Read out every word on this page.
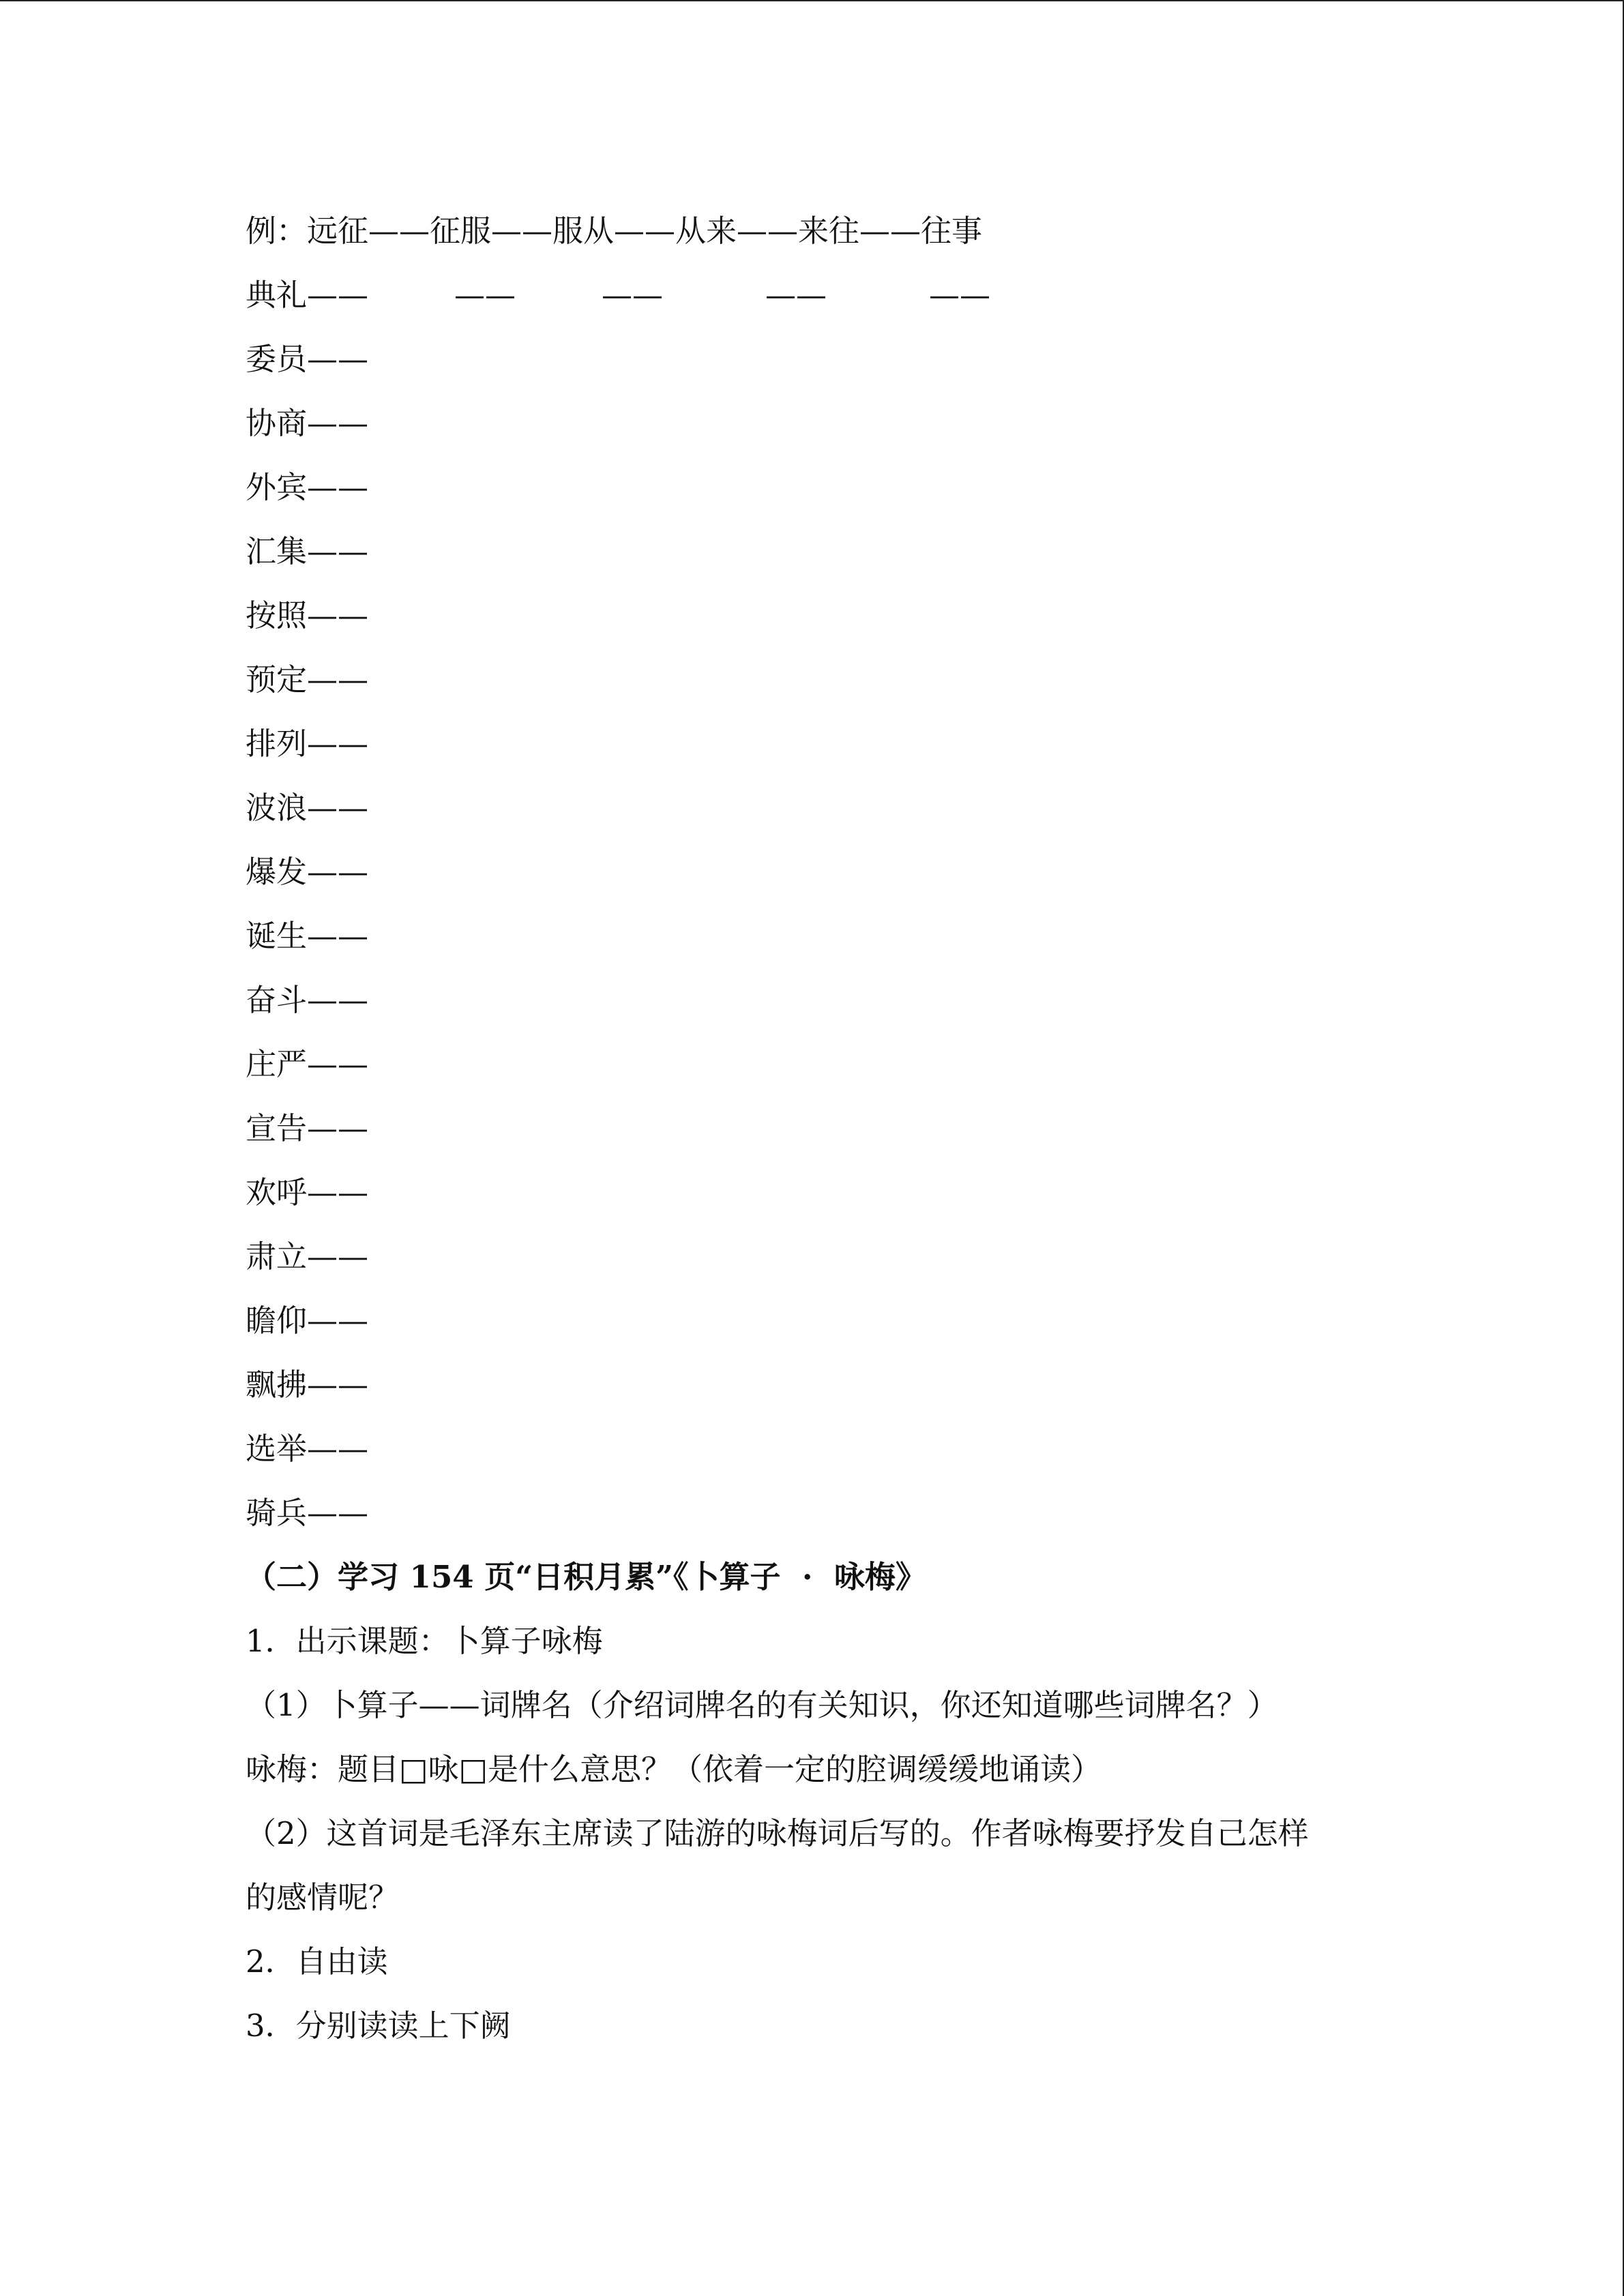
例：远征——征服——服从——从来——来往——往事
典礼——	——	——	——	——
委员——
协商——
外宾——
汇集——
按照——
预定——
排列——
波浪——
爆发——
诞生——
奋斗——
庄严——
宣告——
欢呼——
肃立——
瞻仰——
飘拂——
选举——
骑兵——
（二）学习 154 页“日积月累”《卜算子  ·  咏梅》
1．出示课题：卜算子咏梅
（1）卜算子——词牌名（介绍词牌名的有关知识，你还知道哪些词牌名？）
咏梅：题目□咏□是什么意思？（依着一定的腔调缓缓地诵读）
（2）这首词是毛泽东主席读了陆游的咏梅词后写的。作者咏梅要抒发自己怎样
的感情呢？
2．自由读
3．分别读读上下阙
